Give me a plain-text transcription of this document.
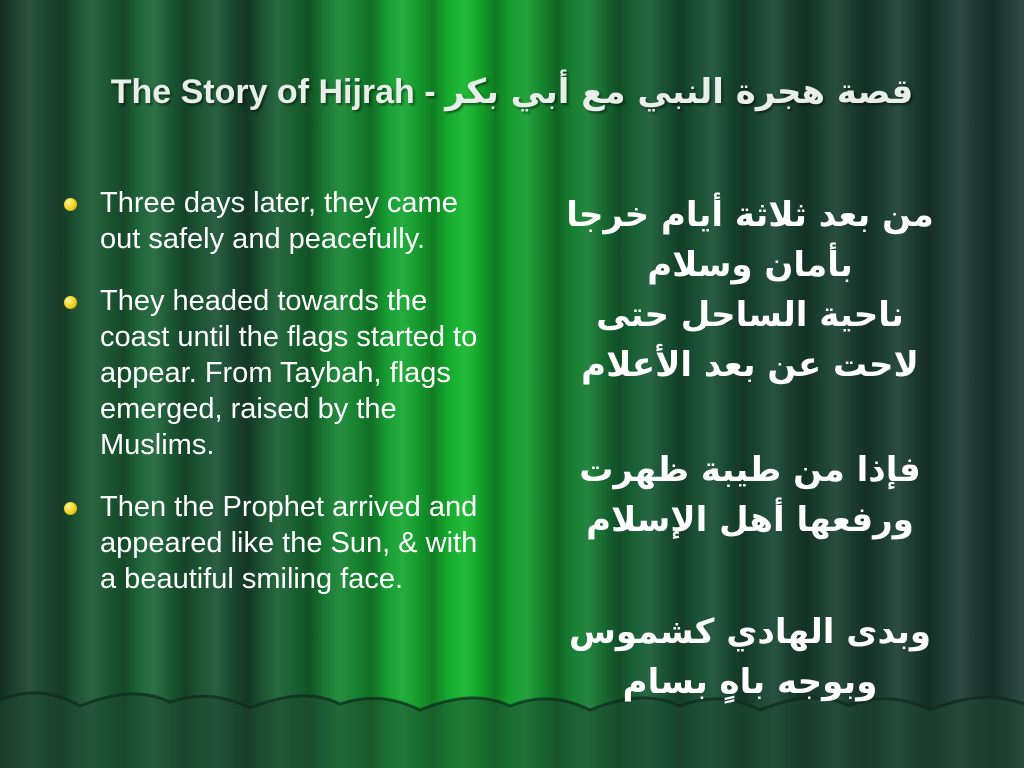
The Story of Hijrah - قصة هجرة النبي مع أبي بكر
Three days later, they came out safely and peacefully.
They headed towards the coast until the flags started to appear. From Taybah, flags emerged, raised by the Muslims.
Then the Prophet arrived and appeared like the Sun, & with a beautiful smiling face.
من بعد ثلاثة أيام خرجا
بأمان وسلام
ناحية الساحل حتى
لاحت عن بعد الأعلام
فإذا من طيبة ظهرت
ورفعها أهل الإسلام
وبدى الهادي كشموس
وبوجه باهٍ بسام
